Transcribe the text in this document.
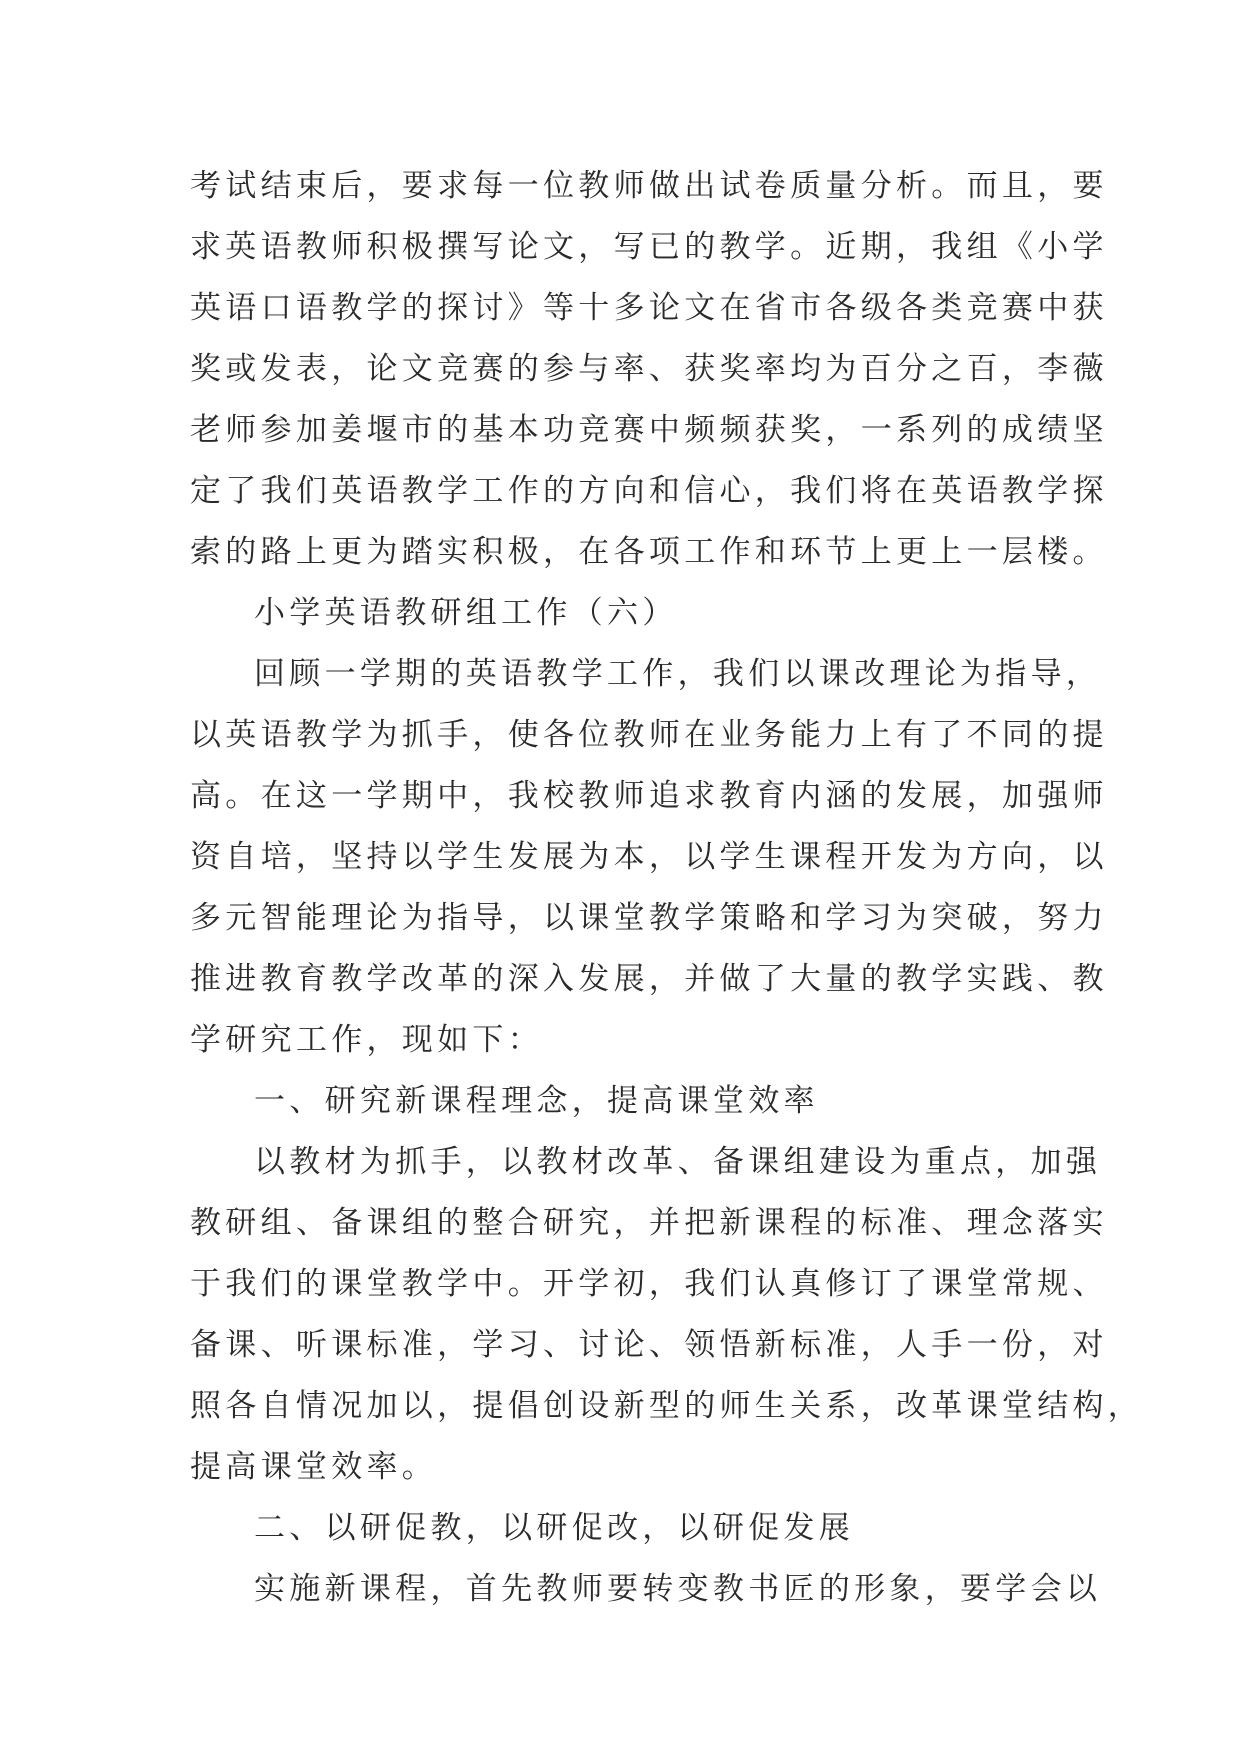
考试结束后，要求每一位教师做出试卷质量分析。而且，要
求英语教师积极撰写论文，写已的教学。近期，我组《小学
英语口语教学的探讨》等十多论文在省市各级各类竞赛中获
奖或发表，论文竞赛的参与率、获奖率均为百分之百，李薇
老师参加姜堰市的基本功竞赛中频频获奖，一系列的成绩坚
定了我们英语教学工作的方向和信心，我们将在英语教学探
索的路上更为踏实积极，在各项工作和环节上更上一层楼。
小学英语教研组工作（六）
回顾一学期的英语教学工作，我们以课改理论为指导，
以英语教学为抓手，使各位教师在业务能力上有了不同的提
高。在这一学期中，我校教师追求教育内涵的发展，加强师
资自培，坚持以学生发展为本，以学生课程开发为方向，以
多元智能理论为指导，以课堂教学策略和学习为突破，努力
推进教育教学改革的深入发展，并做了大量的教学实践、教
学研究工作，现如下：
一、研究新课程理念，提高课堂效率
以教材为抓手，以教材改革、备课组建设为重点，加强
教研组、备课组的整合研究，并把新课程的标准、理念落实
于我们的课堂教学中。开学初，我们认真修订了课堂常规、
备课、听课标准，学习、讨论、领悟新标准，人手一份，对
照各自情况加以，提倡创设新型的师生关系，改革课堂结构，
提高课堂效率。
二、以研促教，以研促改，以研促发展
实施新课程，首先教师要转变教书匠的形象，要学会以
